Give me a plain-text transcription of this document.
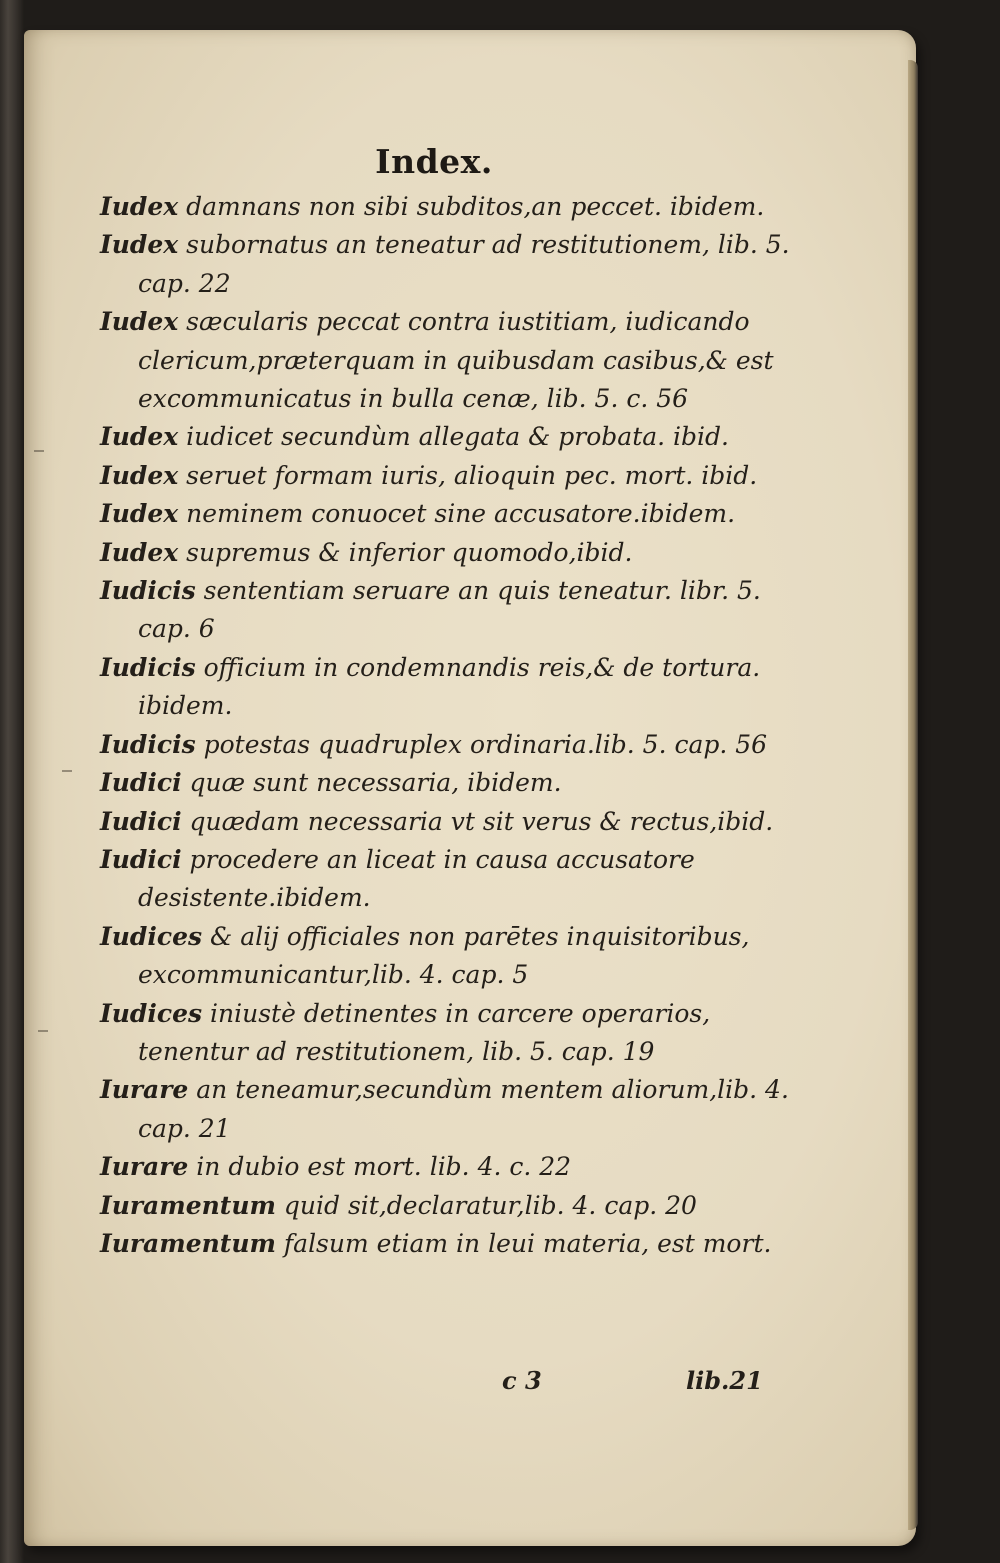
Index.
Iudex damnans non sibi subditos,an peccet. ibidem.
Iudex subornatus an teneatur ad restitutionem, lib. 5. cap. 22
Iudex sæcularis peccat contra iustitiam, iudicando clericum,præterquam in quibusdam casibus,& est excommunicatus in bulla cenæ, lib. 5. c. 56
Iudex iudicet secundùm allegata & probata. ibid.
Iudex seruet formam iuris, alioquin pec. mort. ibid.
Iudex neminem conuocet sine accusatore.ibidem.
Iudex supremus & inferior quomodo,ibid.
Iudicis sententiam seruare an quis teneatur. libr. 5. cap. 6
Iudicis officium in condemnandis reis,& de tortura. ibidem.
Iudicis potestas quadruplex ordinaria.lib. 5. cap. 56
Iudici quæ sunt necessaria, ibidem.
Iudici quædam necessaria vt sit verus & rectus,ibid.
Iudici procedere an liceat in causa accusatore desistente.ibidem.
Iudices & alij officiales non parētes inquisitoribus, excommunicantur,lib. 4. cap. 5
Iudices iniustè detinentes in carcere operarios, tenentur ad restitutionem, lib. 5. cap. 19
Iurare an teneamur,secundùm mentem aliorum,lib. 4. cap. 21
Iurare in dubio est mort. lib. 4. c. 22
Iuramentum quid sit,declaratur,lib. 4. cap. 20
Iuramentum falsum etiam in leui materia, est mort.
c 3	lib.21
